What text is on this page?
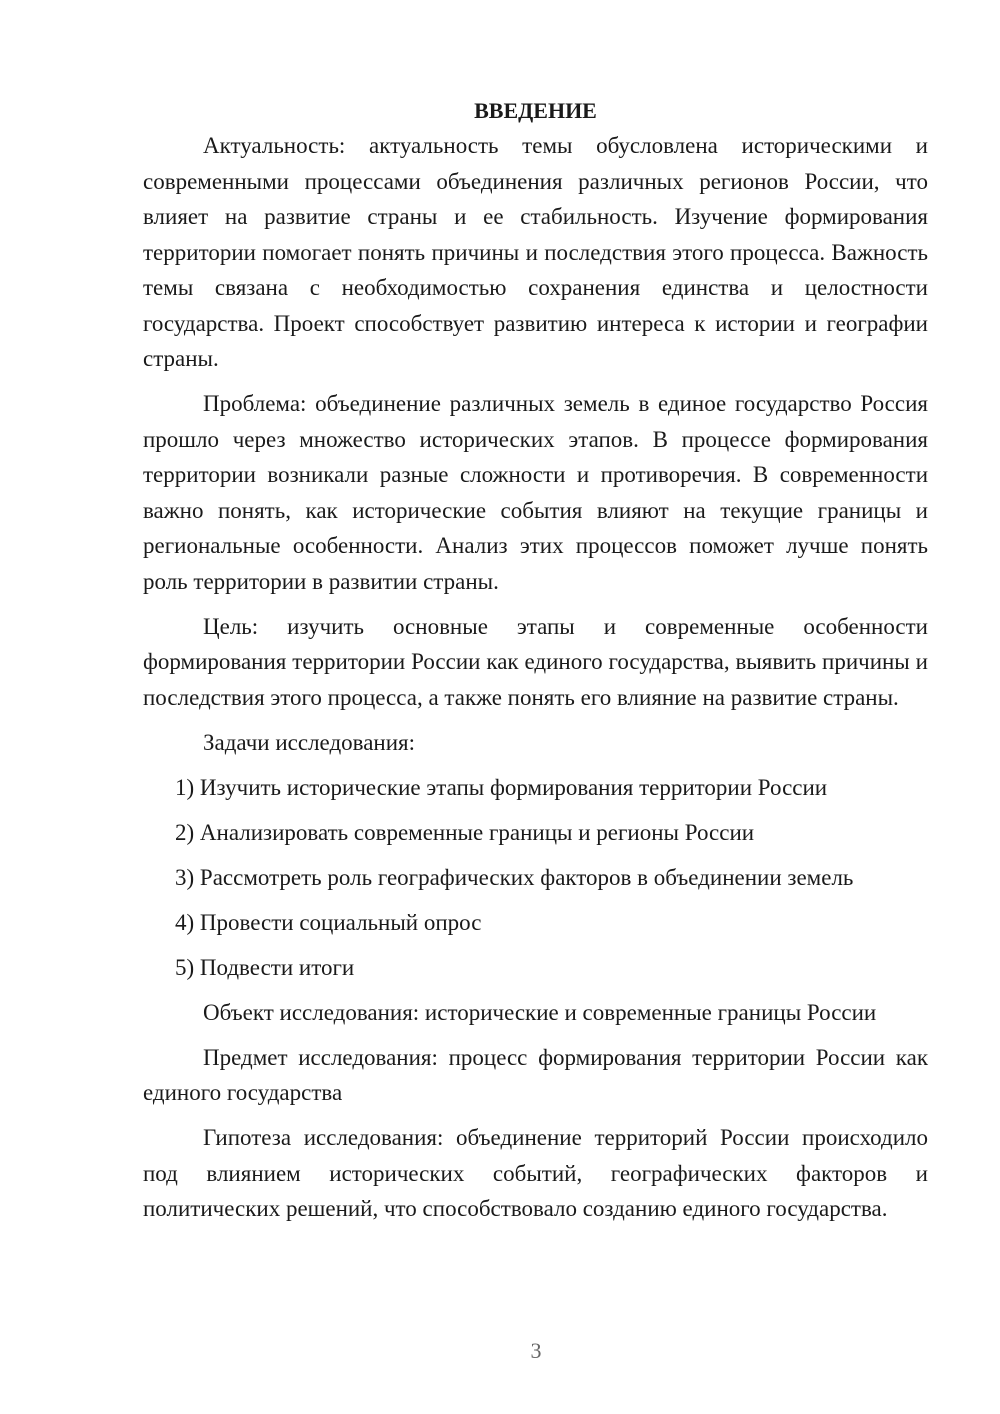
ВВЕДЕНИЕ

Актуальность: актуальность темы обусловлена историческими и современными процессами объединения различных регионов России, что влияет на развитие страны и ее стабильность. Изучение формирования территории помогает понять причины и последствия этого процесса. Важность темы связана с необходимостью сохранения единства и целостности государства. Проект способствует развитию интереса к истории и географии страны.

Проблема: объединение различных земель в единое государство Россия прошло через множество исторических этапов. В процессе формирования территории возникали разные сложности и противоречия. В современности важно понять, как исторические события влияют на текущие границы и региональные особенности. Анализ этих процессов поможет лучше понять роль территории в развитии страны.

Цель: изучить основные этапы и современные особенности формирования территории России как единого государства, выявить причины и последствия этого процесса, а также понять его влияние на развитие страны.

Задачи исследования:

1) Изучить исторические этапы формирования территории России
2) Анализировать современные границы и регионы России
3) Рассмотреть роль географических факторов в объединении земель
4) Провести социальный опрос
5) Подвести итоги

Объект исследования: исторические и современные границы России

Предмет исследования: процесс формирования территории России как единого государства

Гипотеза исследования: объединение территорий России происходило под влиянием исторических событий, географических факторов и политических решений, что способствовало созданию единого государства.

3
